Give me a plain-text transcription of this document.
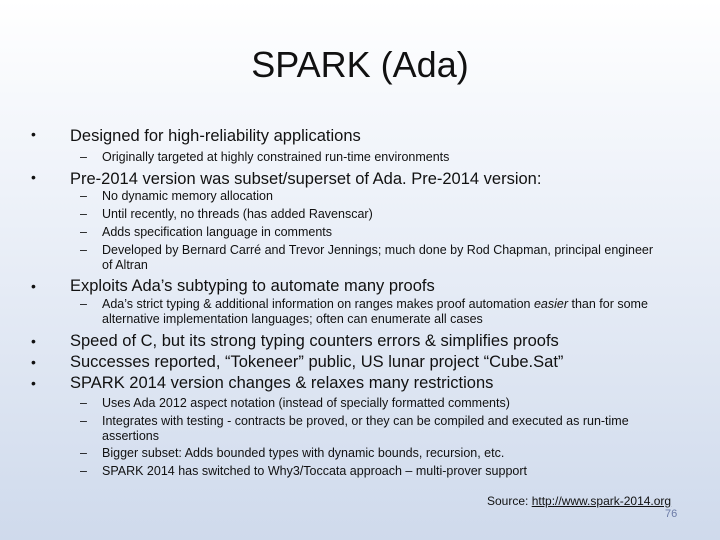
SPARK (Ada)
• Designed for high-reliability applications
– Originally targeted at highly constrained run-time environments
• Pre-2014 version was subset/superset of Ada. Pre-2014 version:
– No dynamic memory allocation
– Until recently, no threads (has added Ravenscar)
– Adds specification language in comments
– Developed by Bernard Carré and Trevor Jennings; much done by Rod Chapman, principal engineer of Altran
• Exploits Ada’s subtyping to automate many proofs
– Ada’s strict typing & additional information on ranges makes proof automation easier than for some alternative implementation languages; often can enumerate all cases
• Speed of C, but its strong typing counters errors & simplifies proofs
• Successes reported, “Tokeneer” public, US lunar project “Cube.Sat”
• SPARK 2014 version changes & relaxes many restrictions
– Uses Ada 2012 aspect notation (instead of specially formatted comments)
– Integrates with testing - contracts be proved, or they can be compiled and executed as run-time assertions
– Bigger subset: Adds bounded types with dynamic bounds, recursion, etc.
– SPARK 2014 has switched to Why3/Toccata approach – multi-prover support
Source: http://www.spark-2014.org
76
